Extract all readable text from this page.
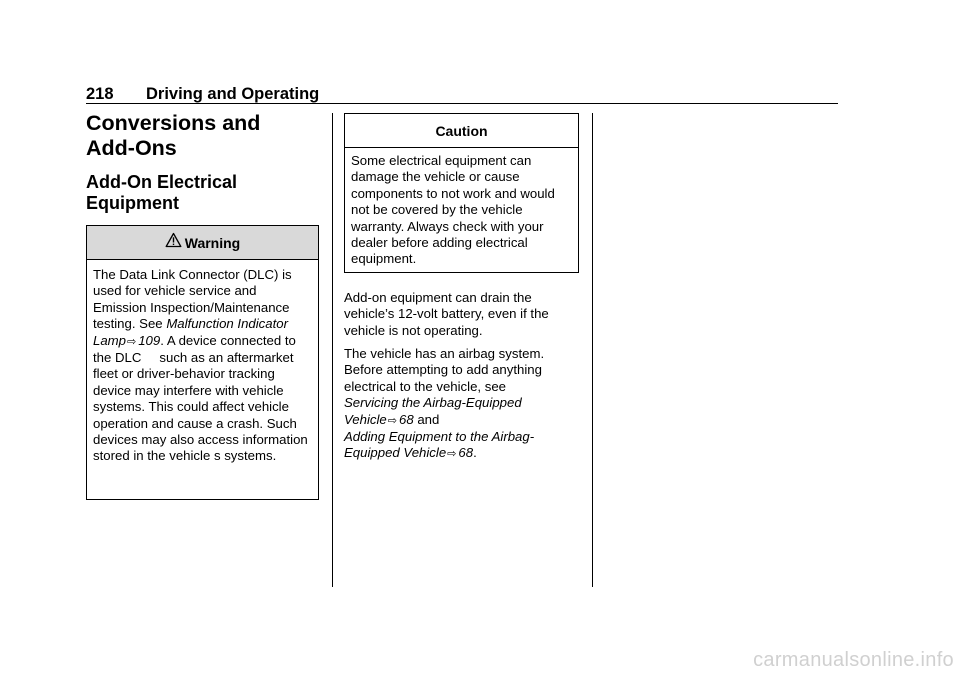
218 Driving and Operating
Conversions and
Add-Ons
Add-On Electrical
Equipment
Warning
The Data Link Connector (DLC) is used for vehicle service and Emission Inspection/Maintenance testing. See Malfunction Indicator Lamp⇨ 109. A device connected to the DLC such as an aftermarket fleet or driver-behavior tracking device may interfere with vehicle systems. This could affect vehicle operation and cause a crash. Such devices may also access information stored in the vehicle s systems.
Caution
Some electrical equipment can damage the vehicle or cause components to not work and would not be covered by the vehicle warranty. Always check with your dealer before adding electrical equipment.

Add-on equipment can drain the vehicle’s 12-volt battery, even if the vehicle is not operating.

The vehicle has an airbag system. Before attempting to add anything electrical to the vehicle, see
Servicing the Airbag-Equipped Vehicle⇨ 68 and
Adding Equipment to the Airbag-Equipped Vehicle⇨ 68.

carmanualsonline.info
